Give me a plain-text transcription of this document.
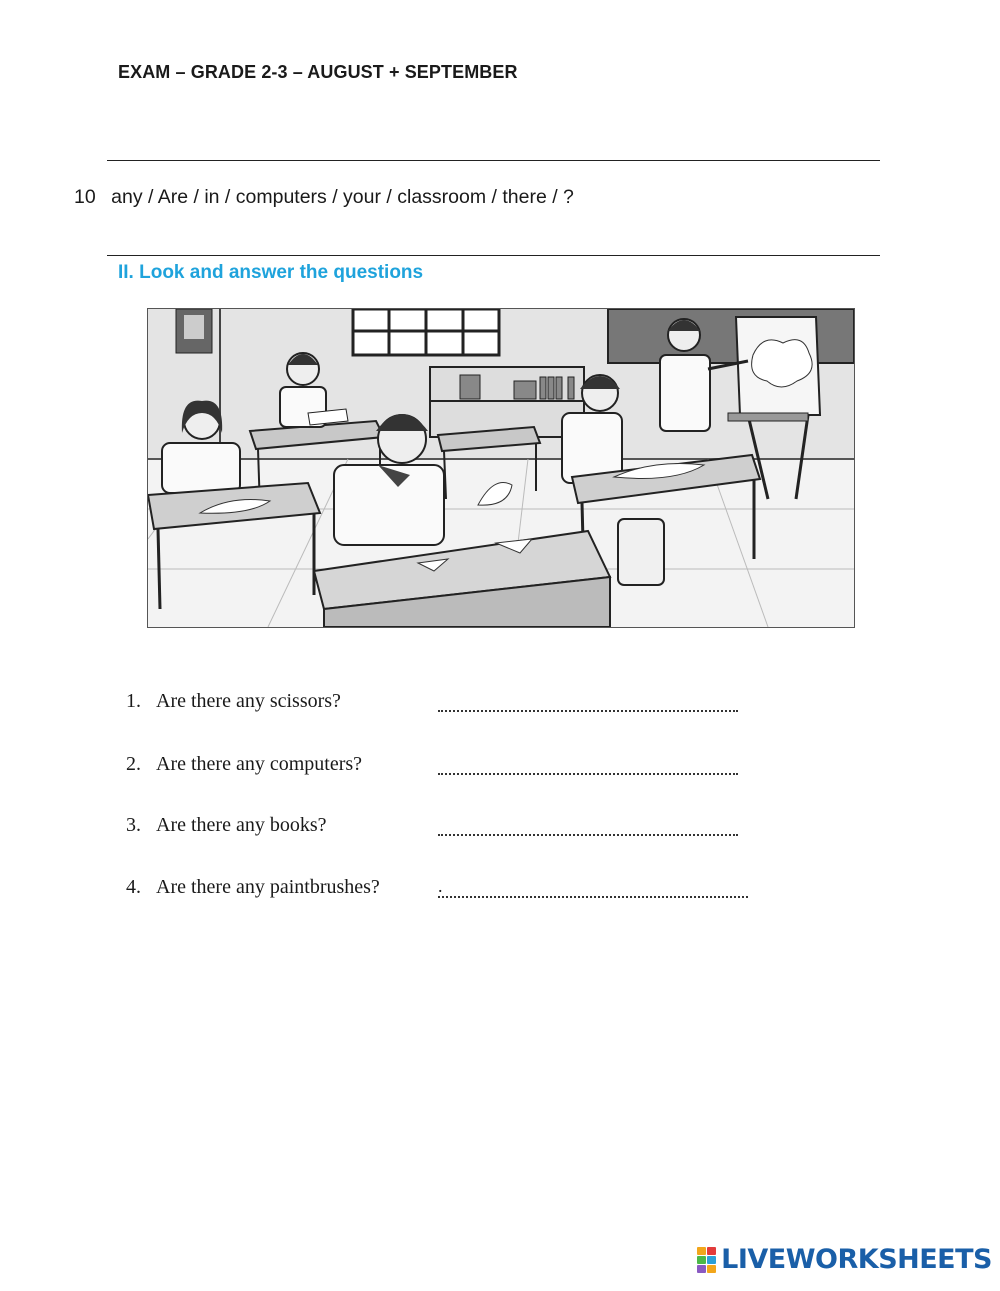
EXAM – GRADE 2-3 – AUGUST + SEPTEMBER
10 any / Are / in / computers / your / classroom / there / ?
II. Look and answer the questions
1. Are there any scissors?
2. Are there any computers?
3. Are there any books?
4. Are there any paintbrushes?	.
LIVEWORKSHEETS
